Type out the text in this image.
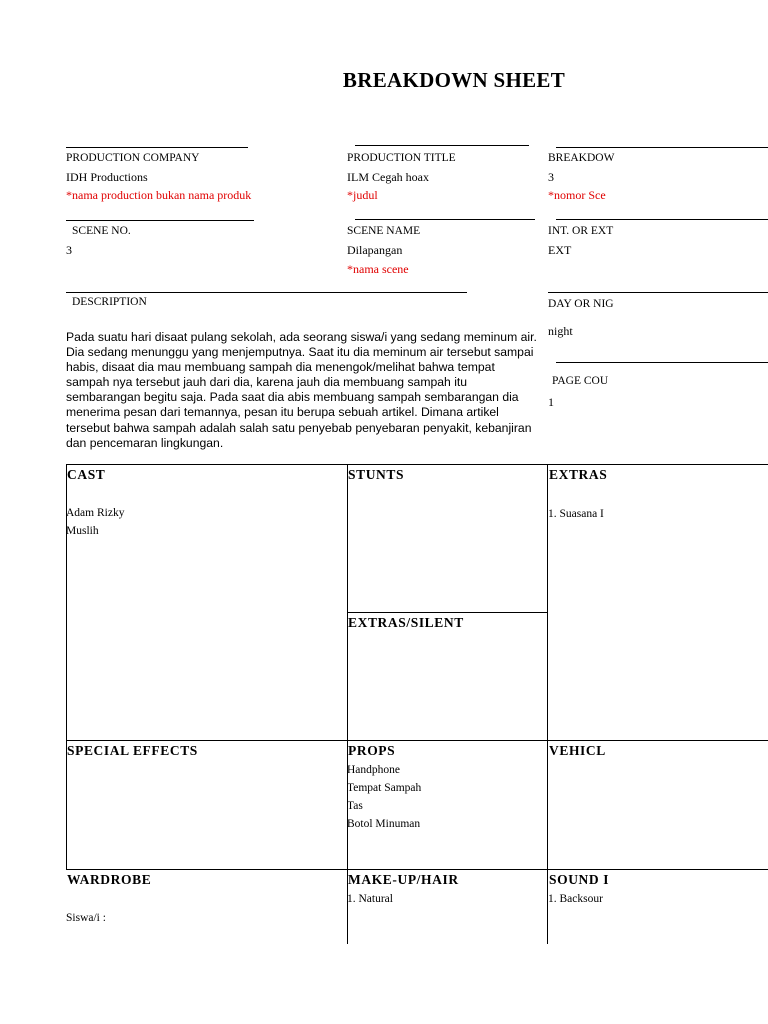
BREAKDOWN SHEET
PRODUCTION COMPANY
IDH Productions
*nama production bukan nama produk
PRODUCTION TITLE
ILM Cegah hoax
*judul
BREAKDOW
3
*nomor Sce
SCENE NO.
3
SCENE NAME
Dilapangan
*nama scene
INT. OR EXT
EXT
DESCRIPTION
Pada suatu hari disaat pulang sekolah, ada seorang siswa/i yang sedang meminum air. Dia sedang menunggu yang menjemputnya. Saat itu dia meminum air tersebut sampai habis, disaat dia mau membuang sampah dia menengok/melihat bahwa tempat sampah nya tersebut jauh dari dia, karena jauh dia membuang sampah itu sembarangan begitu saja. Pada saat dia abis membuang sampah sembarangan dia menerima pesan dari temannya, pesan itu berupa sebuah artikel. Dimana artikel tersebut bahwa sampah adalah salah satu penyebab penyebaran penyakit, kebanjiran dan pencemaran lingkungan.
DAY OR NIG
night
PAGE COU
1
CAST
Adam Rizky
Muslih
STUNTS	EXTRAS
1. Suasana I
EXTRAS/SILENT
SPECIAL EFFECTS	PROPS
Handphone
Tempat Sampah
Tas
Botol Minuman
VEHICL
WARDROBE
Siswa/i :
MAKE-UP/HAIR
1. Natural
SOUND I
1. Backsour
